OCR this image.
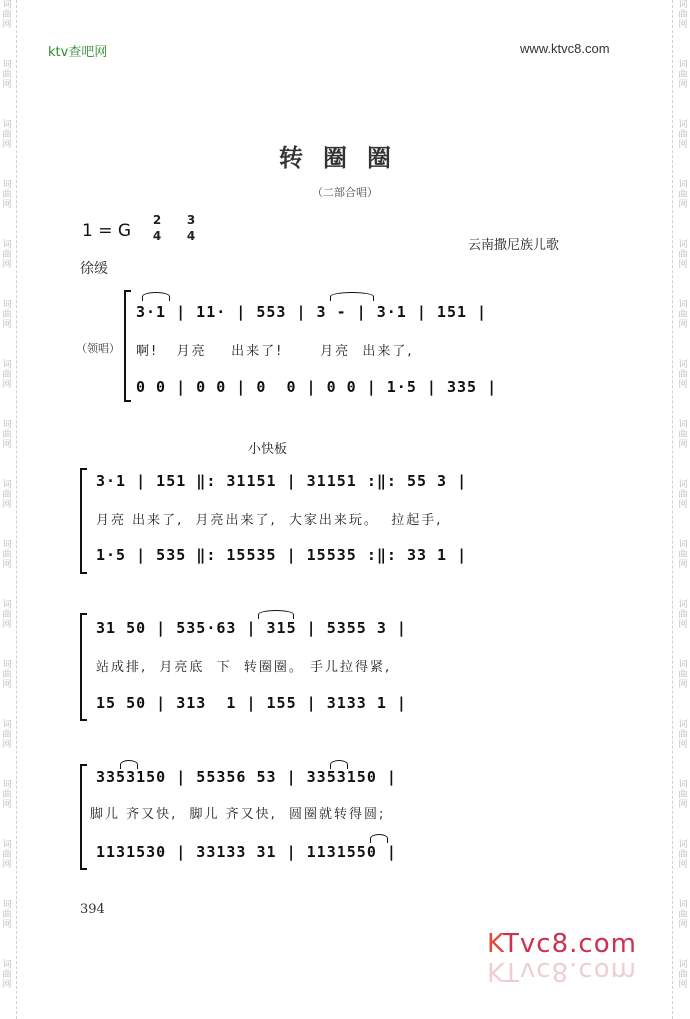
词
曲
网
词
曲
网
词
曲
网
词
曲
网
词
曲
网
词
曲
网
词
曲
网
词
曲
网
词
曲
网
词
曲
网
词
曲
网
词
曲
网
词
曲
网
词
曲
网
词
曲
网
词
曲
网
词
曲
网
词
曲
网
词
曲
网
词
曲
网
词
曲
网
词
曲
网
词
曲
网
词
曲
网
词
曲
网
词
曲
网
词
曲
网
词
曲
网
词
曲
网
词
曲
网
词
曲
网
词
曲
网
词
曲
网
词
曲
网
ktv查吧网	www.ktvc8.com
转圈圈
（二部合唱）
1 = G
2
4
3
4
云南撒尼族儿歌
徐缓
（领唱）
3·1 | 11· | 553 | 3 - | 3·1 | 151 |
啊!   月亮    出来了!      月亮  出来了,
0 0 | 0 0 | 0  0 | 0 0 | 1·5 | 335 |
小快板
3·1 | 151 ‖: 31151 | 31151 :‖: 55 3 |
月亮 出来了,  月亮出来了,  大家出来玩。  拉起手,
1·5 | 535 ‖: 15535 | 15535 :‖: 33 1 |
31 50 | 535·63 | 315 | 5355 3 |
站成排,  月亮底  下  转圈圈。 手儿拉得紧,
15 50 | 313  1 | 155 | 3133 1 |
3353150 | 55356 53 | 3353150 |
脚儿 齐又快,  脚儿 齐又快,  圆圈就转得圆;
1131530 | 33133 31 | 1131550 |
394
KTvc8.com
KTvc8.com
